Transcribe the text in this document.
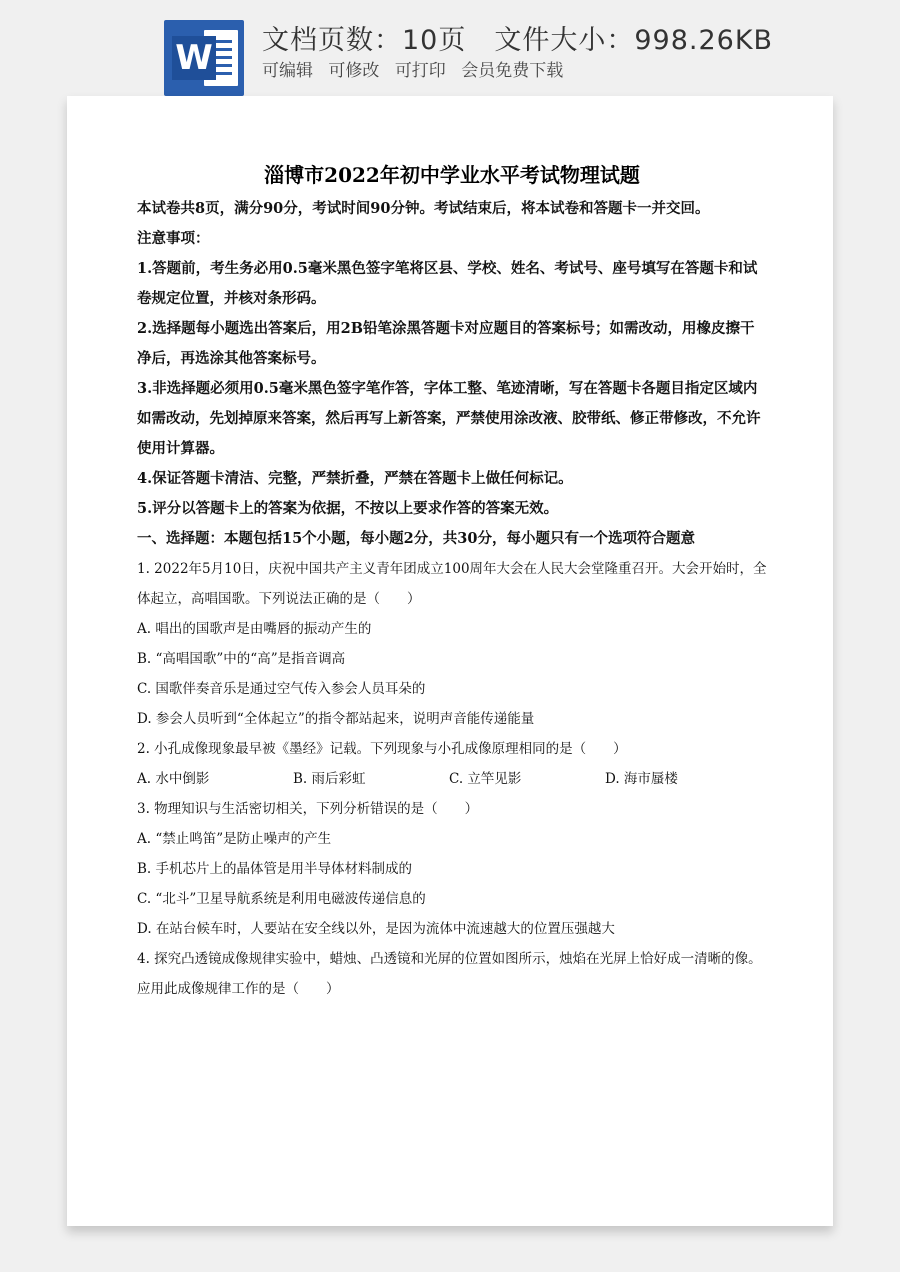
W 文档页数：10页 文件大小：998.26KB
可编辑 可修改 可打印 会员免费下载

淄博市2022年初中学业水平考试物理试题

本试卷共8页，满分90分，考试时间90分钟。考试结束后，将本试卷和答题卡一并交回。

注意事项：

1.答题前，考生务必用0.5毫米黑色签字笔将区县、学校、姓名、考试号、座号填写在答题卡和试卷规定位置，并核对条形码。

2.选择题每小题选出答案后，用2B铅笔涂黑答题卡对应题目的答案标号；如需改动，用橡皮擦干净后，再选涂其他答案标号。

3.非选择题必须用0.5毫米黑色签字笔作答，字体工整、笔迹清晰，写在答题卡各题目指定区域内如需改动，先划掉原来答案，然后再写上新答案，严禁使用涂改液、胶带纸、修正带修改，不允许使用计算器。

4.保证答题卡清洁、完整，严禁折叠，严禁在答题卡上做任何标记。

5.评分以答题卡上的答案为依据，不按以上要求作答的答案无效。

一、选择题：本题包括15个小题，每小题2分，共30分，每小题只有一个选项符合题意

1. 2022年5月10日，庆祝中国共产主义青年团成立100周年大会在人民大会堂隆重召开。大会开始时，全体起立，高唱国歌。下列说法正确的是（　　）

A. 唱出的国歌声是由嘴唇的振动产生的

B. “高唱国歌”中的“高”是指音调高

C. 国歌伴奏音乐是通过空气传入参会人员耳朵的

D. 参会人员听到“全体起立”的指令都站起来，说明声音能传递能量

2. 小孔成像现象最早被《墨经》记载。下列现象与小孔成像原理相同的是（　　）

A. 水中倒影	B. 雨后彩虹	C. 立竿见影	D. 海市蜃楼

3. 物理知识与生活密切相关，下列分析错误的是（　　）

A. “禁止鸣笛”是防止噪声的产生

B. 手机芯片上的晶体管是用半导体材料制成的

C. “北斗”卫星导航系统是利用电磁波传递信息的

D. 在站台候车时，人要站在安全线以外，是因为流体中流速越大的位置压强越大

4. 探究凸透镜成像规律实验中，蜡烛、凸透镜和光屏的位置如图所示，烛焰在光屏上恰好成一清晰的像。应用此成像规律工作的是（　　）
